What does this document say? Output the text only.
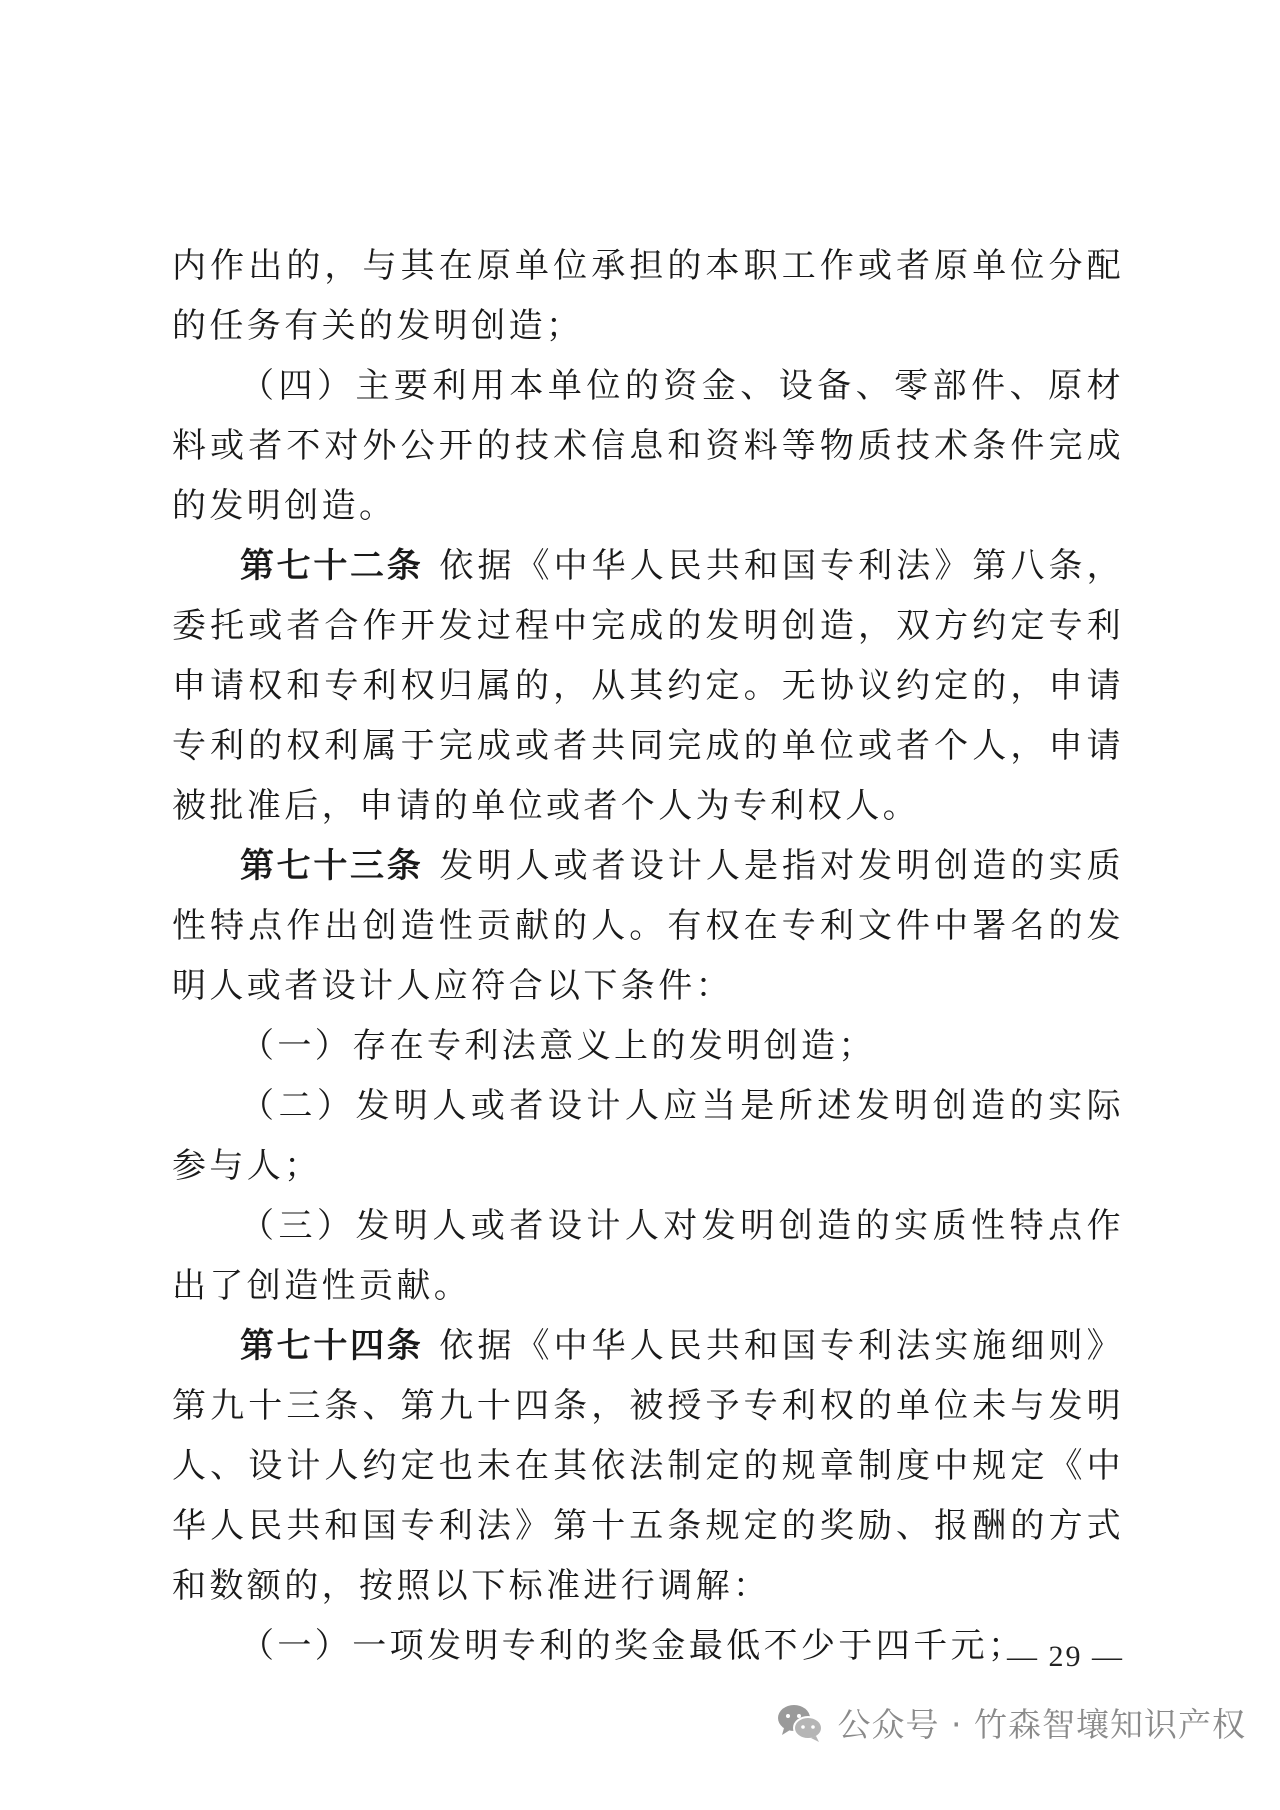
内作出的，与其在原单位承担的本职工作或者原单位分配的任务有关的发明创造；

（四）主要利用本单位的资金、设备、零部件、原材料或者不对外公开的技术信息和资料等物质技术条件完成的发明创造。

第七十二条 依据《中华人民共和国专利法》第八条，委托或者合作开发过程中完成的发明创造，双方约定专利申请权和专利权归属的，从其约定。无协议约定的，申请专利的权利属于完成或者共同完成的单位或者个人，申请被批准后，申请的单位或者个人为专利权人。

第七十三条 发明人或者设计人是指对发明创造的实质性特点作出创造性贡献的人。有权在专利文件中署名的发明人或者设计人应符合以下条件：

（一）存在专利法意义上的发明创造；

（二）发明人或者设计人应当是所述发明创造的实际参与人；

（三）发明人或者设计人对发明创造的实质性特点作出了创造性贡献。

第七十四条 依据《中华人民共和国专利法实施细则》第九十三条、第九十四条，被授予专利权的单位未与发明人、设计人约定也未在其依法制定的规章制度中规定《中华人民共和国专利法》第十五条规定的奖励、报酬的方式和数额的，按照以下标准进行调解：

（一）一项发明专利的奖金最低不少于四千元；

— 29 —
公众号 · 竹森智壤知识产权
